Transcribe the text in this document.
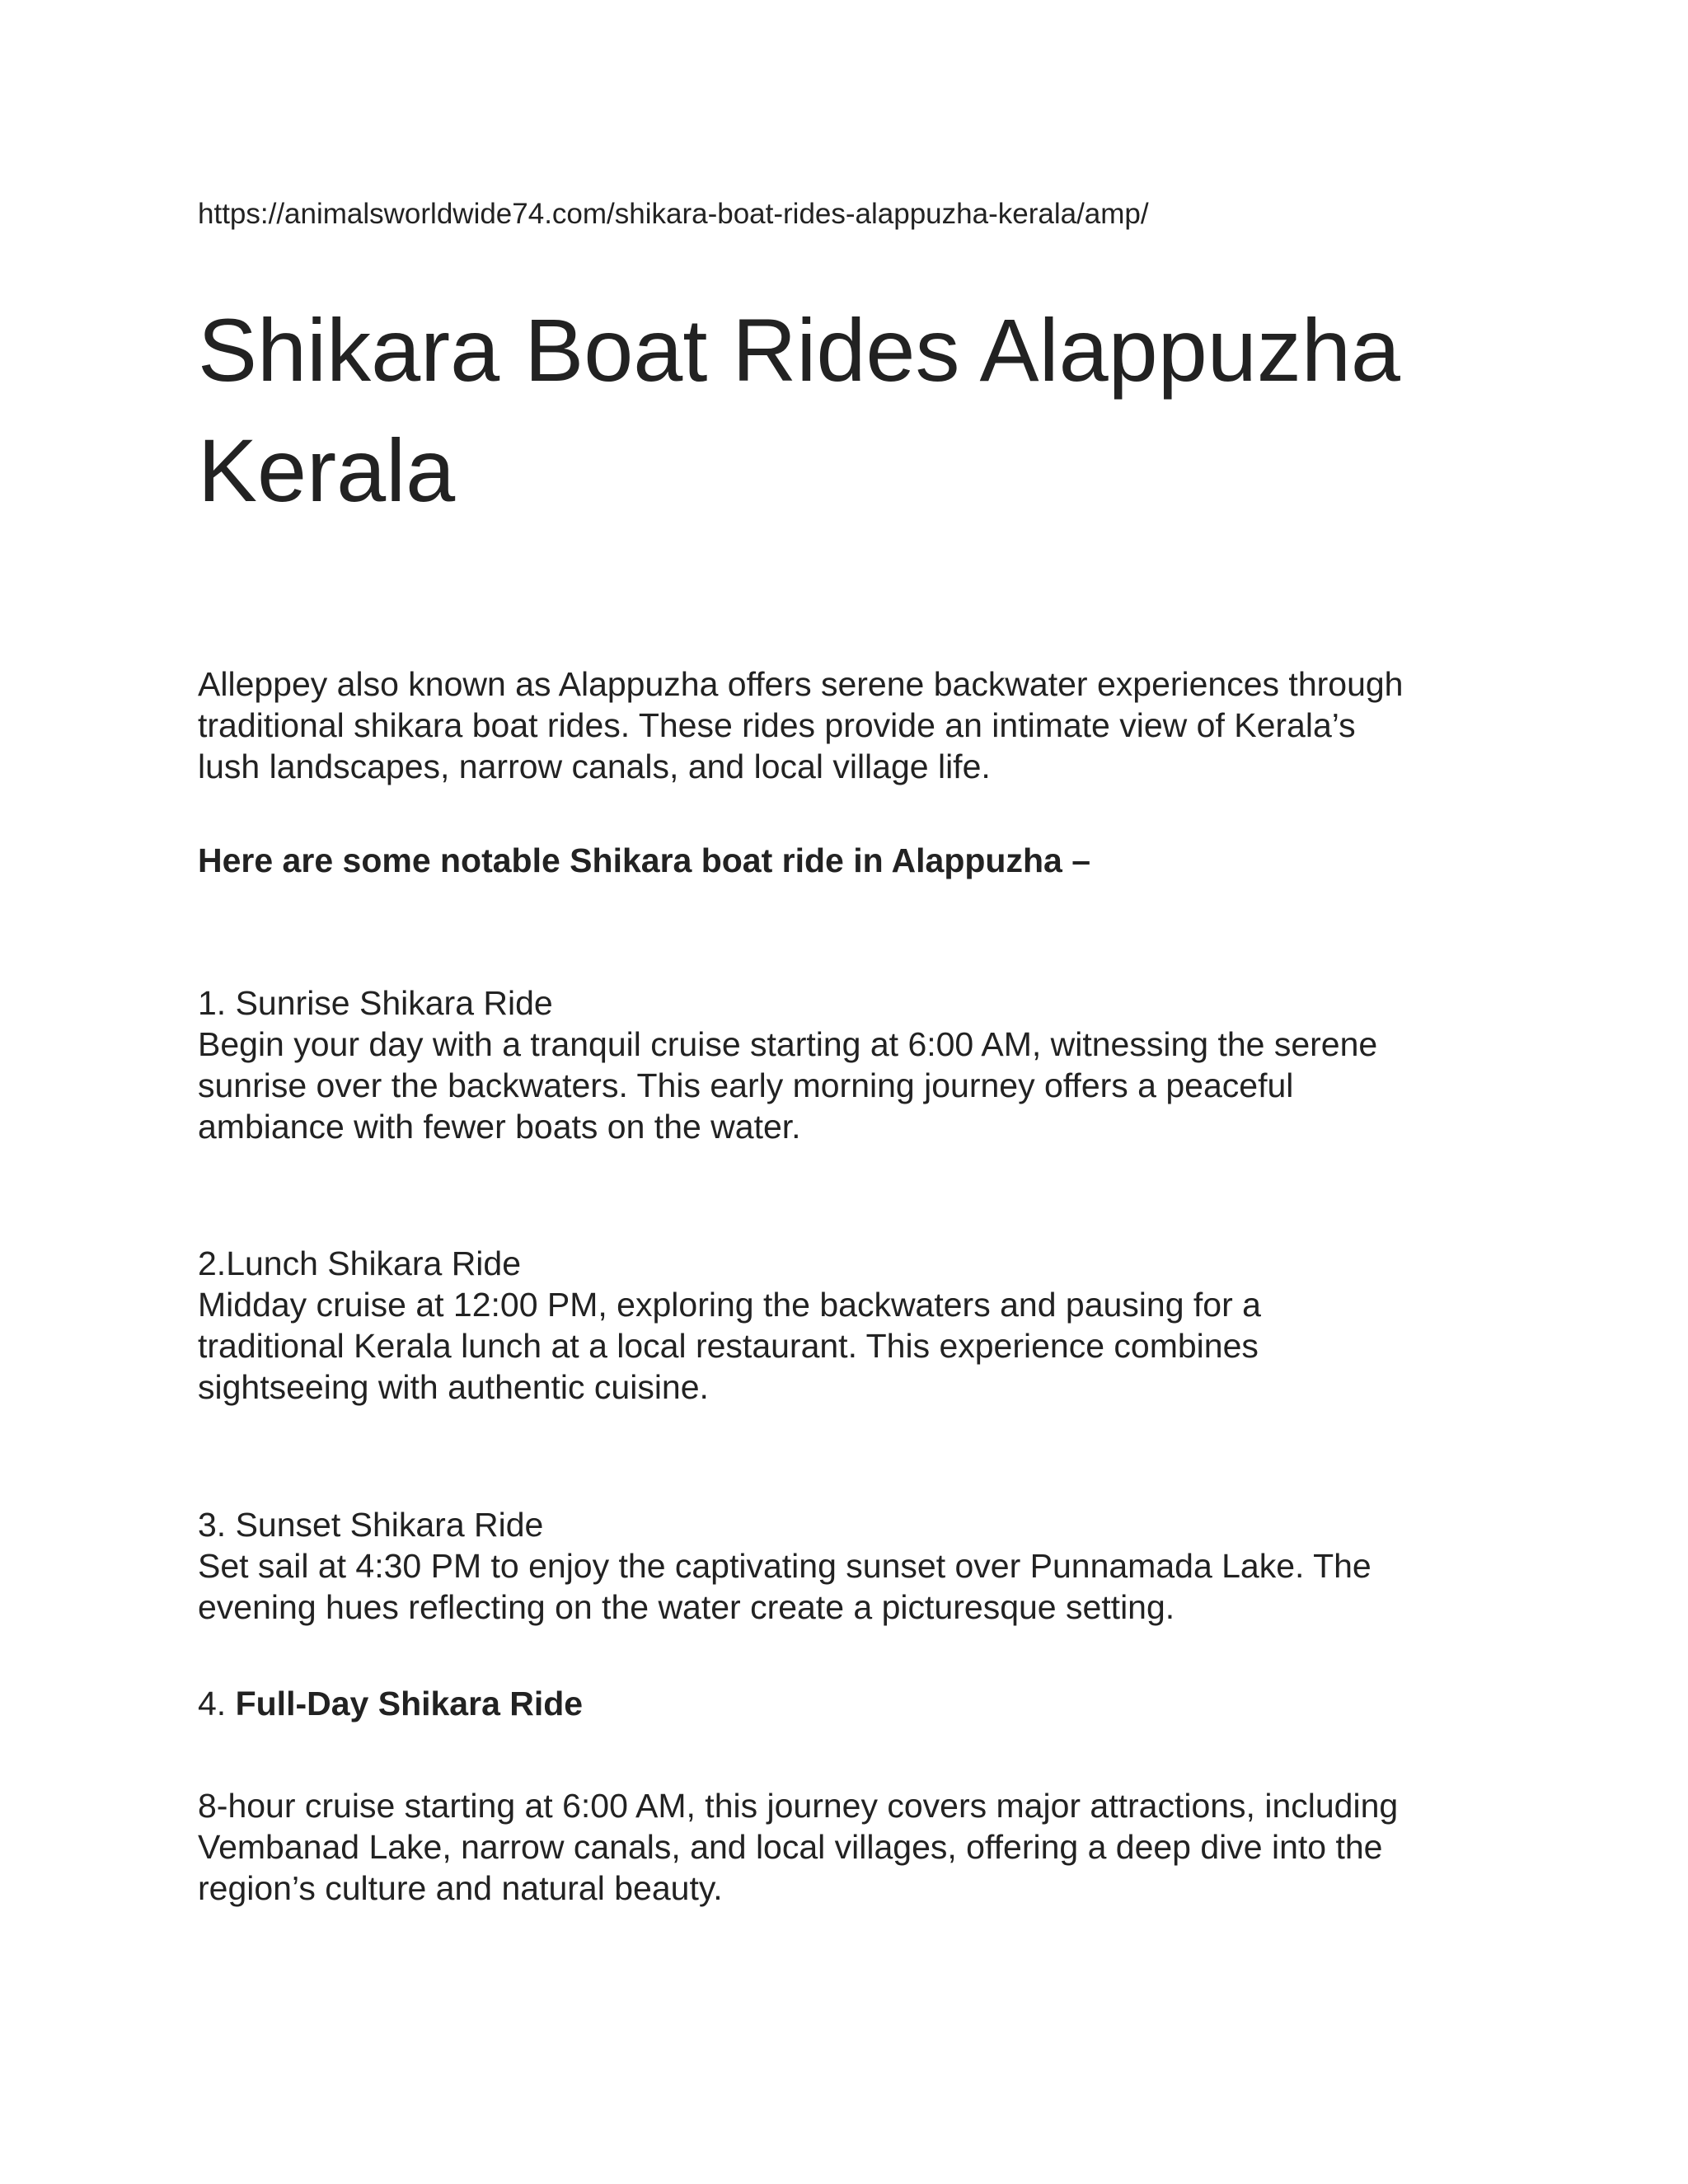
https://animalsworldwide74.com/shikara-boat-rides-alappuzha-kerala/amp/
Shikara Boat Rides Alappuzha
Kerala
Alleppey also known as Alappuzha offers serene backwater experiences through
traditional shikara boat rides. These rides provide an intimate view of Kerala’s
lush landscapes, narrow canals, and local village life.
Here are some notable Shikara boat ride in Alappuzha –
1. Sunrise Shikara Ride
Begin your day with a tranquil cruise starting at 6:00 AM, witnessing the serene
sunrise over the backwaters. This early morning journey offers a peaceful
ambiance with fewer boats on the water.
2.Lunch Shikara Ride
Midday cruise at 12:00 PM, exploring the backwaters and pausing for a
traditional Kerala lunch at a local restaurant. This experience combines
sightseeing with authentic cuisine.
3. Sunset Shikara Ride
Set sail at 4:30 PM to enjoy the captivating sunset over Punnamada Lake. The
evening hues reflecting on the water create a picturesque setting.
4. Full-Day Shikara Ride
8-hour cruise starting at 6:00 AM, this journey covers major attractions, including
Vembanad Lake, narrow canals, and local villages, offering a deep dive into the
region’s culture and natural beauty.
